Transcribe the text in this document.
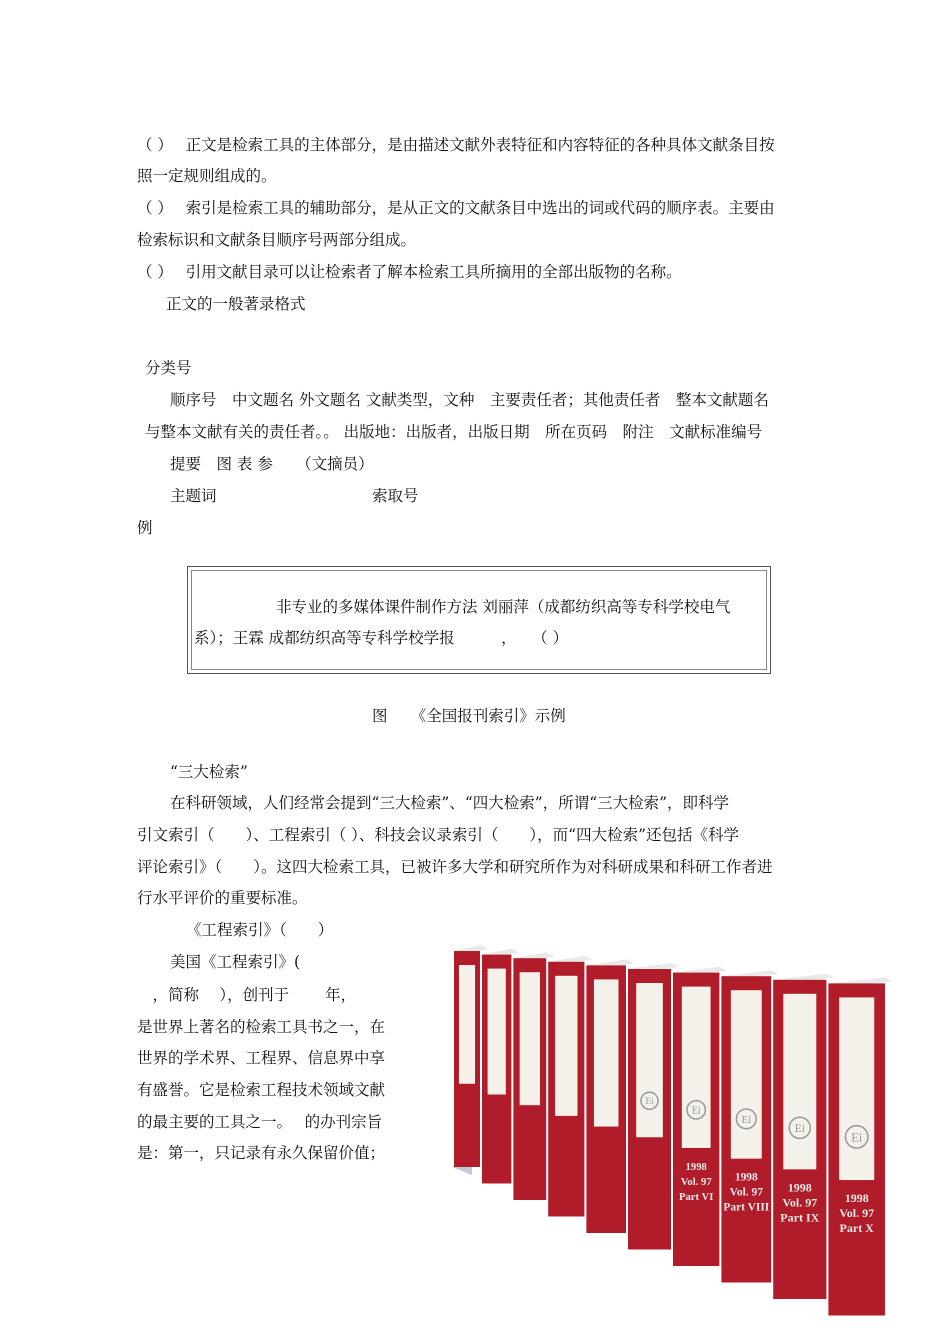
（ ）　 正文是检索工具的主体部分，是由描述文献外表特征和内容特征的各种具体文献条目按
照一定规则组成的。
（ ）　 索引是检索工具的辅助部分，是从正文的文献条目中选出的词或代码的顺序表。主要由
检索标识和文献条目顺序号两部分组成。
（ ）　 引用文献目录可以让检索者了解本检索工具所摘用的全部出版物的名称。
正文的一般著录格式
分类号
顺序号　中文题名 外文题名 文献类型，文种　主要责任者；其他责任者　整本文献题名
与整本文献有关的责任者。。 出版地：出版者，出版日期　所在页码　附注　文献标准编号
提要　图 表 参　　（文摘员）
主题词	索取号
例
非专业的多媒体课件制作方法 刘丽萍（成都纺织高等专科学校电气
系）；王霖 成都纺织高等专科学校学报　　　，　　（ ）
图　　《全国报刊索引》示例
“三大检索”
在科研领域，人们经常会提到“三大检索”、“四大检索”，所谓“三大检索”，即科学
引文索引（　　）、工程索引（ ）、科技会议录索引（　　），而“四大检索”还包括《科学
评论索引》（　　）。这四大检索工具，已被许多大学和研究所作为对科研成果和科研工作者进
行水平评价的重要标准。
《工程索引》（　　）
美国《工程索引》(
　，简称　 ），创刊于　　 年，
是世界上著名的检索工具书之一，在
世界的学术界、工程界、信息界中享
有盛誉。它是检索工程技术领域文献
的最主要的工具之一。　 的办刊宗旨
是：第一，只记录有永久保留价值；
Ei
Ei
1998
Vol. 97
Part VI
Ei
1998
Vol. 97
Part VIII
Ei
1998
Vol. 97
Part IX
Ei
1998
Vol. 97
Part X
